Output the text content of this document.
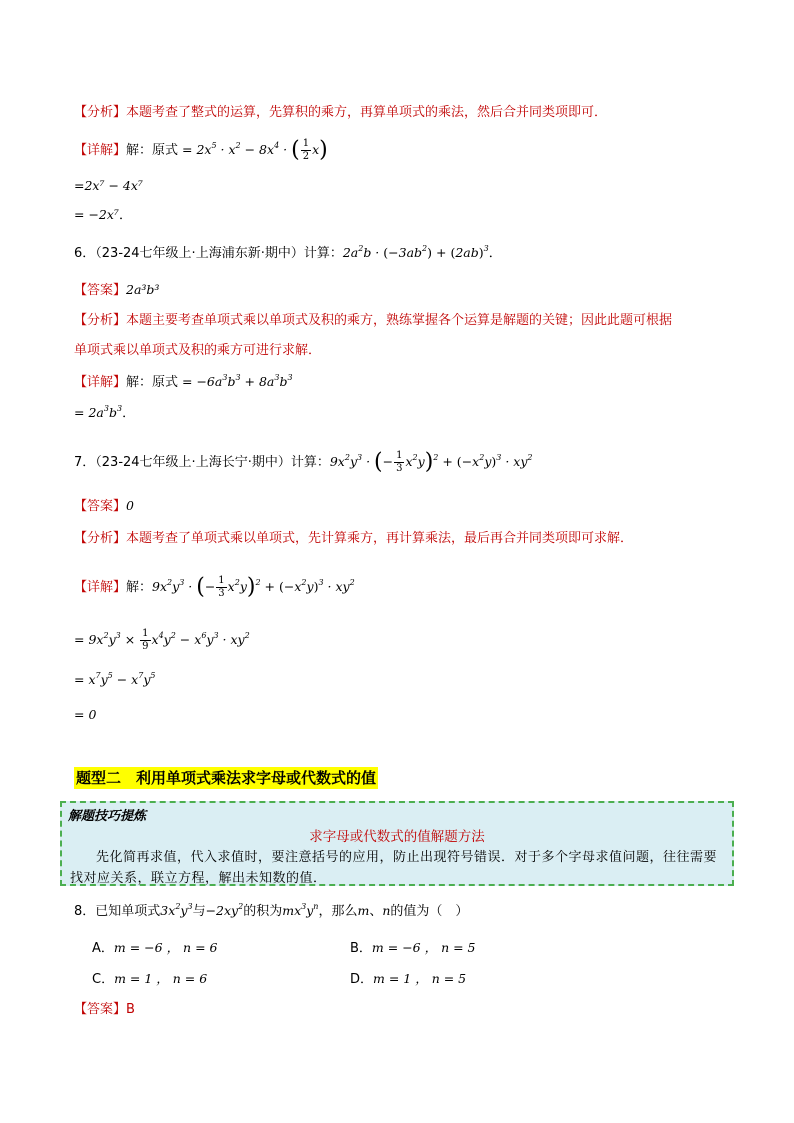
【分析】本题考查了整式的运算，先算积的乘方，再算单项式的乘法，然后合并同类项即可．
【详解】解：原式 = $2x^5 \cdot x^2 - 8x^4$ · ( $\frac{1}{2} x$)
=2x⁷ − 4x⁷
= −2x⁷．
6．（23-24七年级上·上海浦东新·期中）计算：$2a^2b \cdot (-3ab^2) + (2ab)^3$．
【答案】2a³b³
【分析】本题主要考查单项式乘以单项式及积的乘方，熟练掌握各个运算是解题的关键；因此此题可根据
单项式乘以单项式及积的乘方可进行求解．
【详解】解：原式 = $-6a^3b^3 + 8a^3b^3$
= $2a^3b^3$．
7．（23-24七年级上·上海长宁·期中）计算：$9x^2y^3$ · (− $\frac{1}{3} x^2y)^2 + (-x^2y)^3 \cdot xy^2$
【答案】0
【分析】本题考查了单项式乘以单项式，先计算乘方，再计算乘法，最后再合并同类项即可求解．
【详解】解：$9x^2y^3$ · (− $\frac{1}{3} x^2y)^2 + (-x^2y)^3 \cdot xy^2$
= $9x^2y^3 \times \frac{1}{9} x^4y^2 - x^6y^3 \cdot xy^2$
= $x^7y^5 - x^7y^5$
= 0
题型二　利用单项式乘法求字母或代数式的值
解题技巧提炼
求字母或代数式的值解题方法
先化简再求值，代入求值时，要注意括号的应用，防止出现符号错误．对于多个字母求值问题，往往需要找对应关系，联立方程，解出未知数的值．
8．已知单项式$3x^2y^3$与$-2xy^2$的积为$mx^3y^n$，那么m、n的值为（　）
A．m = −6 ， n = 6	B．m = −6 ， n = 5
C．m = 1 ， n = 6	D．m = 1 ， n = 5
【答案】B
